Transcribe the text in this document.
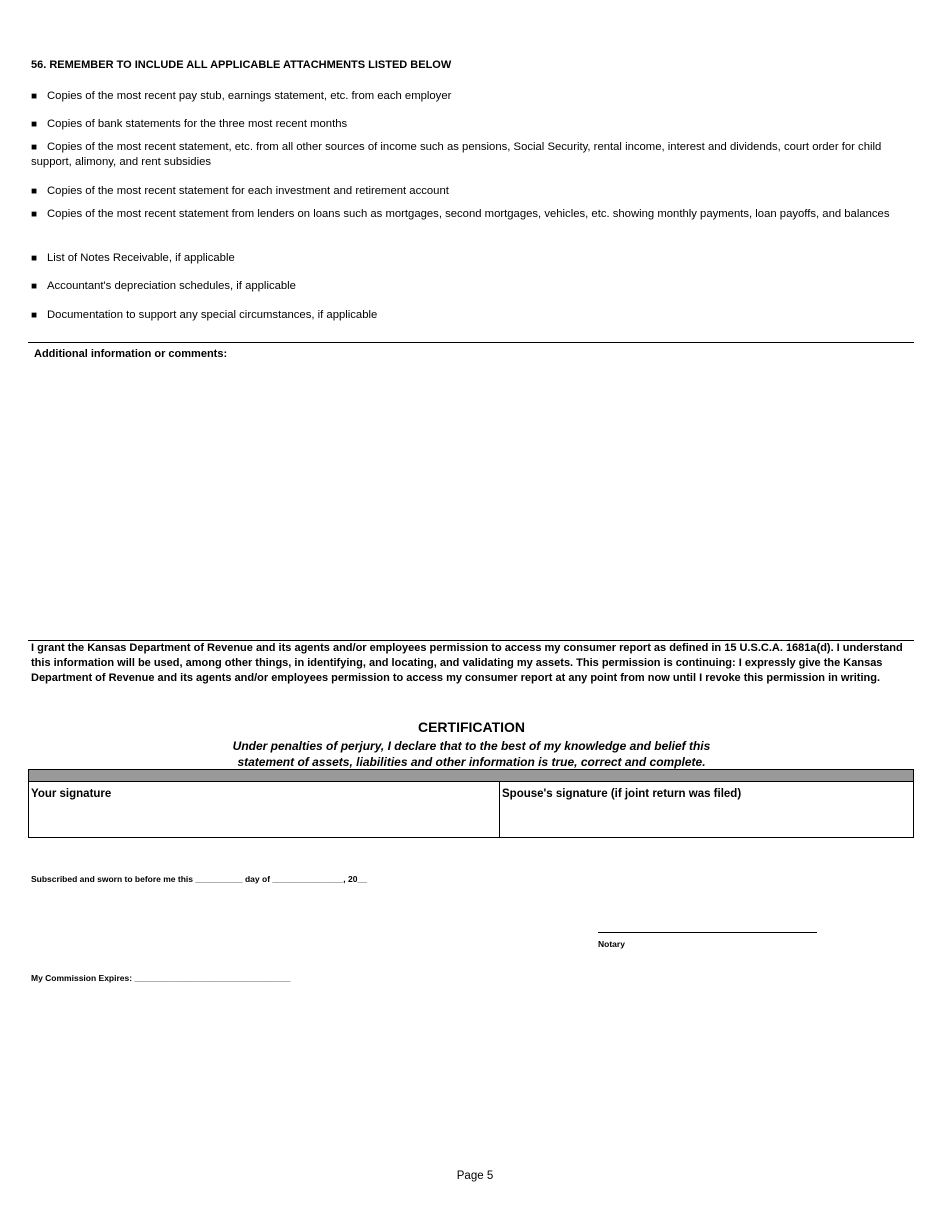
56. REMEMBER TO INCLUDE ALL APPLICABLE ATTACHMENTS LISTED BELOW
■ Copies of the most recent pay stub, earnings statement, etc. from each employer
■ Copies of bank statements for the three most recent months
■ Copies of the most recent statement, etc. from all other sources of income such as pensions, Social Security, rental income, interest and dividends, court order for child support, alimony, and rent subsidies
■ Copies of the most recent statement for each investment and retirement account
■ Copies of the most recent statement from lenders on loans such as mortgages, second mortgages, vehicles, etc. showing monthly payments, loan payoffs, and balances
■ List of Notes Receivable, if applicable
■ Accountant's depreciation schedules, if applicable
■ Documentation to support any special circumstances, if applicable
Additional information or comments:
I grant the Kansas Department of Revenue and its agents and/or employees permission to access my consumer report as defined in 15 U.S.C.A. 1681a(d). I understand this information will be used, among other things, in identifying, and locating, and validating my assets. This permission is continuing: I expressly give the Kansas Department of Revenue and its agents and/or employees permission to access my consumer report at any point from now until I revoke this permission in writing.
CERTIFICATION
Under penalties of perjury, I declare that to the best of my knowledge and belief this
statement of assets, liabilities and other information is true, correct and complete.
Your signature	Spouse's signature (if joint return was filed)
Subscribed and sworn to before me this __________ day of _______________, 20__
Notary
My Commission Expires: _________________________________
Page 5
